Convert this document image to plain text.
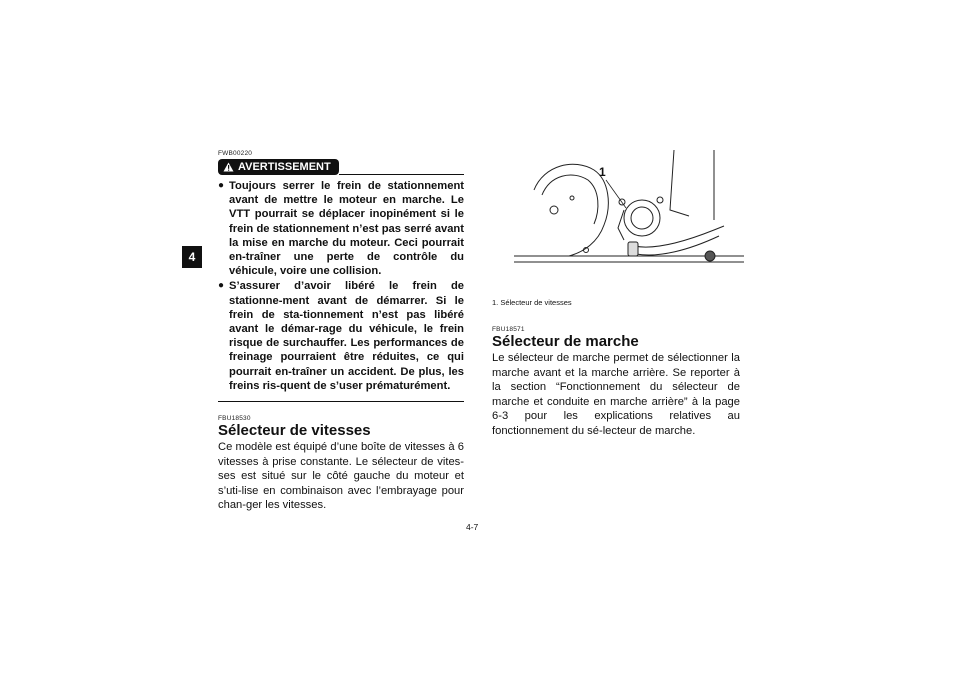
4
FWB00220
AVERTISSEMENT
● Toujours serrer le frein de stationnement avant de mettre le moteur en marche. Le VTT pourrait se déplacer inopinément si le frein de stationnement n’est pas serré avant la mise en marche du moteur. Ceci pourrait en-traîner une perte de contrôle du véhicule, voire une collision.
● S’assurer d’avoir libéré le frein de stationne-ment avant de démarrer. Si le frein de sta-tionnement n’est pas libéré avant le démar-rage du véhicule, le frein risque de surchauffer. Les performances de freinage pourraient être réduites, ce qui pourrait en-traîner un accident. De plus, les freins ris-quent de s’user prématurément.
FBU18530
Sélecteur de vitesses
Ce modèle est équipé d’une boîte de vitesses à 6 vitesses à prise constante. Le sélecteur de vites-ses est situé sur le côté gauche du moteur et s’uti-lise en combinaison avec l’embrayage pour chan-ger les vitesses.
1
1. Sélecteur de vitesses
FBU18571
Sélecteur de marche
Le sélecteur de marche permet de sélectionner la marche avant et la marche arrière. Se reporter à la section “Fonctionnement du sélecteur de marche et conduite en marche arrière” à la page 6-3 pour les explications relatives au fonctionnement du sé-lecteur de marche.
4-7
